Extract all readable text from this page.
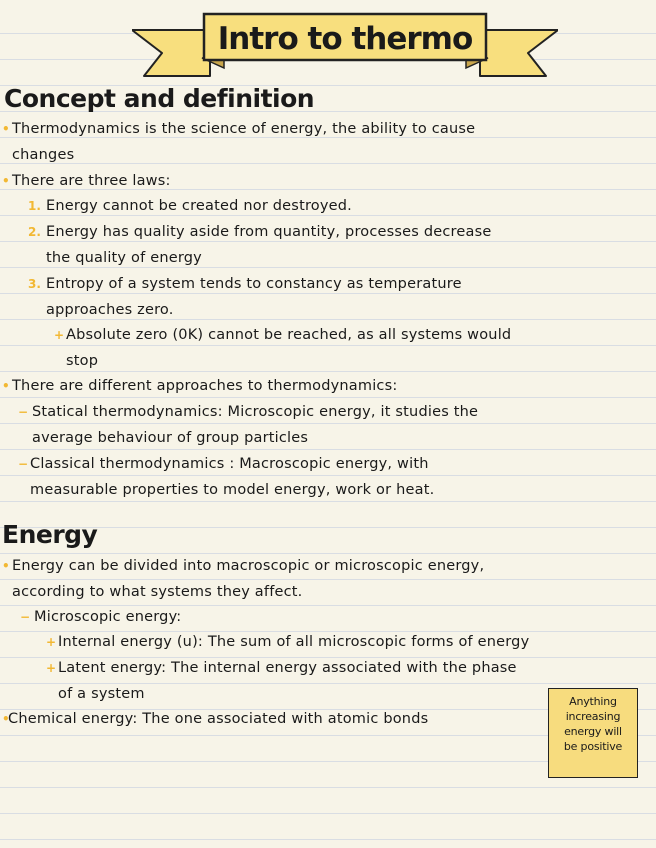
Intro to thermo
Concept and definition
• Thermodynamics is the science of energy, the ability to cause
changes
• There are three laws:
1. Energy cannot be created nor destroyed.
2. Energy has quality aside from quantity, processes decrease
the quality of energy
3. Entropy of a system tends to constancy as temperature
approaches zero.
+ Absolute zero (0K) cannot be reached, as all systems would
stop
• There are different approaches to thermodynamics:
− Statical thermodynamics: Microscopic energy, it studies the
average behaviour of group particles
− Classical thermodynamics : Macroscopic energy, with
measurable properties to model energy, work or heat.
Energy
• Energy can be divided into macroscopic or microscopic energy,
according to what systems they affect.
− Microscopic energy:
+ Internal energy (u): The sum of all microscopic forms of energy
+ Latent energy: The internal energy associated with the phase
of a system
•
Chemical energy: The one associated with atomic bonds
Anything
increasing
energy will
be positive
